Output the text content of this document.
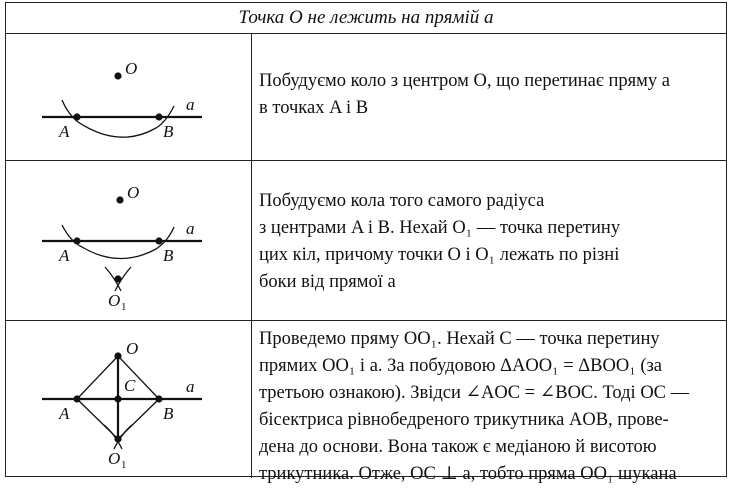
Точка O не лежить на прямій a
O
A	B
a

Побудуємо коло з центром O, що перетинає пряму a

в точках A і B

O
A	B
a
O 1

Побудуємо кола того самого радіуса

з центрами A і B. Нехай O₁ — точка перетину

цих кіл, причому точки O і O₁ лежать по різні

боки від прямої a

O
A	B
a
C
O 1

Проведемо пряму OO₁. Нехай C — точка перетину

прямих OO₁ і a. За побудовою ΔAOO₁ = ΔBOO₁ (за

третьою ознакою). Звідси ∠AOC = ∠BOC. Тоді OC —

бісектриса рівнобедреного трикутника AOB, прове-

дена до основи. Вона також є медіаною й висотою

трикутника. Отже, OC ⊥ a, тобто пряма OO₁ шукана
